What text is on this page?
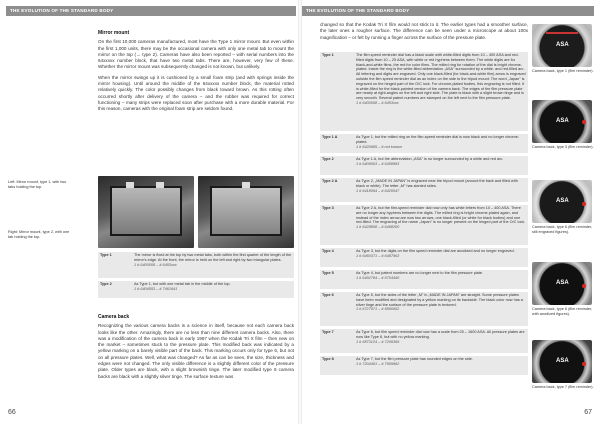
THE EVOLUTION OF THE STANDARD BODY
Mirror mount

On the first 10,000 cameras manufactured, most have the Type 1 mirror mount. But even within the first 1,000 units, there may be the occasional camera with only one metal tab to mount the mirror on the top (→ type 2). Cameras have also been reported – with serial numbers into the 64xxxxx number block, that have two metal tabs. There are, however, very few of these. Whether the mirror mount was subsequently changed is not known, but unlikely.

When the mirror swings up it is cushioned by a small foam strip (and with springs inside the mirror housing). Until around the middle of the 64xxxxx number block, the material rotted relatively quickly. The color possibly changes from black toward brown. As this rotting often occurred shortly after delivery of the camera – and the rubber was required for correct functioning – many strips were replaced soon after purchase with a more durable material. For this reason, cameras with the original foam strip are seldom found.

Left: Mirror mount, type 1, with two tabs holding the top.
Right: Mirror mount, type 2, with one tab holding the top.
Type 1	The mirror is fixed at the top by two metal tabs, both within the first quarter of the length of the mirror's edge. At the front, the mirror is held on the left and right by two triangular plates.
1 # 6400008 – # 6453xxx
Type 2	As Type 1, but with one metal tab in the middle of the top.
1 # 6404553 – # 7461641
Camera back

Recognizing the various camera backs is a science in itself, because not each camera back looks like the other. Amazingly, there are no less than nine different camera backs. Also, there was a modification of the camera back in early 1967 when the Kodak Tri X film – then new on the market – sometimes stuck to the pressure plate. This modified back was indicated by a yellow marking on a barely visible part of the back. This marking occurs only for type 6, but not on all pressure plates. Well, what was changed? As far as can be seen, the size, thickness and edges were not changed. The only visible difference is a slightly different color of the pressure plate. Older types are black, with a slight brownish tinge. The later modified type 6 camera backs are black with a slightly silver tinge. The surface texture was

66
THE EVOLUTION OF THE STANDARD BODY
changed so that the Kodak Tri X film would not stick to it. The earlier types had a smoother surface, the later ones a rougher surface. The difference can be seen under a microscope at about 100x magnification – or felt by running a finger across the surface of the pressure plate.
Type 1	The film speed reminder dial has a black scale with white-filled digits from 10 – 400 ASA and red-filled digits from 10 – 25 ASA, with white or red hyphens between them. The white digits are for black-and-white films, the red for color films. The milled ring for rotation of the dial is bright chrome-plated. Inside the ring is the white-filled abbreviation „ASA" surrounded by a white- and red-filled arc. All lettering and digits are engraved. Only one black-filled (for black-and-white film) arrow is engraved outside the film speed reminder dial as an index on the side to the tripod mount. The word „Japan" is engraved on the hinged part of the O/C lock. For chrome-plated bodies, this engraving is not filled. It is white-filled for the black-painted version of the camera back. The edges of the film pressure plate are nearly at right-angles on the left and right side. The plate is black with a slight brown tinge and is very smooth. Several patent numbers are stamped on the left next to the film pressure plate.
1 # 6400008 – # 6453xxx
Type 1 A	As Type 1, but the milled ring on the film-speed reminder dial is now black and no longer chrome-plated.
1 # 6420685 – # not known
Type 2	As Type 1 A, but the abbreviation „ASA" is no longer surrounded by a white and red arc.
1 # 6409063 – # 6458993
Type 2 A	As Type 2, „MADE IN JAPAN" is engraved near the tripod mount (around the back and filled with black or white). The letter „M" has slanted sides.
1 # 6418094 – # 6420047
Type 3	As Type 2 A, but the film-speed reminder dial now only has white letters from 10 – 400 ASA. There are no longer any hyphens between the digits. The milled ring is bright chrome-plated again, and instead of the index arrow are now two arrows, one black-filled (or white for black bodies) and one red-filled. The engraving of the name „Japan" is no longer present on the hinged part of the O/C lock.
1 # 6428808 – # 6468200
Type 4	As Type 3, but the digits on the film speed reminder dial are anodized and no longer engraved.
1 # 6460371 – # 6487963
Type 5	As Type 4, but patent numbers are no longer next to the film pressure plate.
1 # 6492784 – # 6704440
Type 6	As Type 5, but the sides of the letter „M" in „MADE IN JAPAN" are straight. Some pressure plates have been modified and designated by a yellow marking on its backside. The black color now has a silver tinge and the surface of the pressure plate is textured.
1 # 6727971 – # 6860652
Type 7	As Type 6, but film speed reminder dial now has a scale from 25 – 1600 ASA. All pressure plates are now like Type 6, but with no yellow marking.
1 # 6873124 – # 7206369
Type 8	As Type 7, but the film pressure plate has rounded edges on the side.
1 # 7204461 – # 7959962
ASA
Camera back, type 1 (film reminder).
ASA
Camera back, type 3 (film reminder).
ASA
Camera back, type 6 (film reminder, still engraved figures).
ASA
Camera back, type 6 (film reminder, with anodized figures).
ASA
Camera back, type 7 (film reminder).
67
